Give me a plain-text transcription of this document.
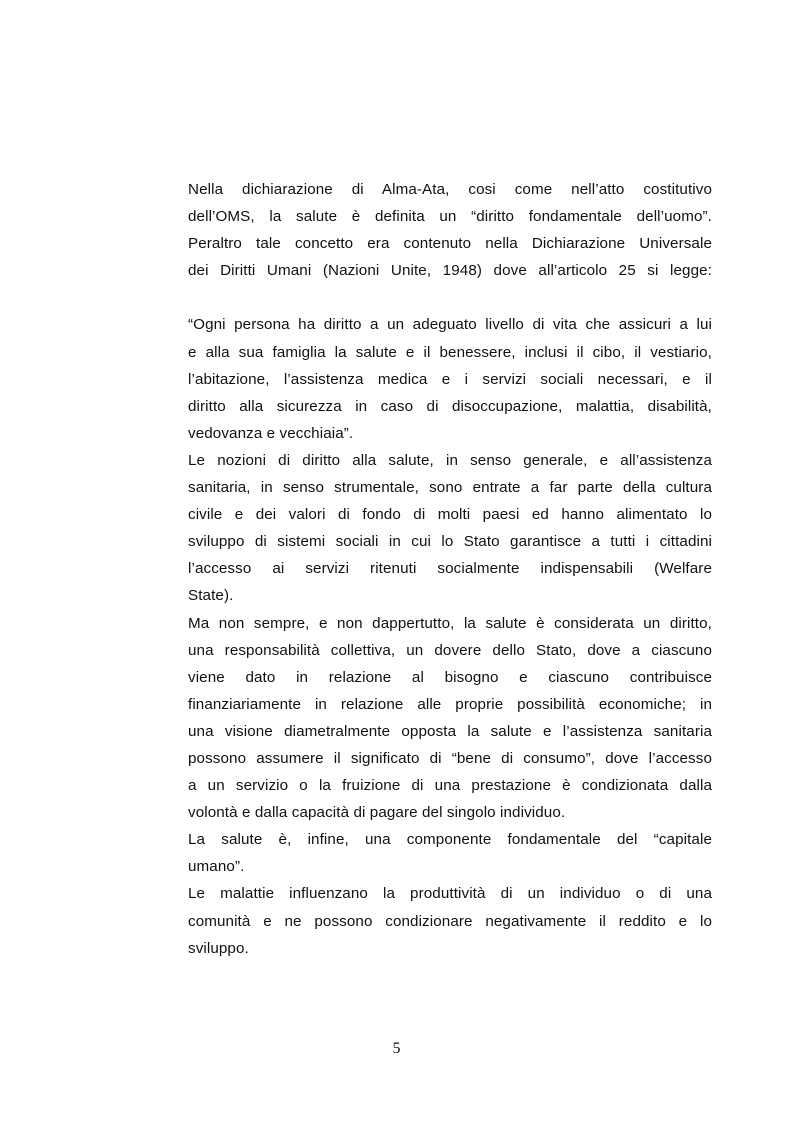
Nella dichiarazione di Alma-Ata, cosi come nell’atto costitutivo
dell’OMS, la salute è definita un “diritto fondamentale dell’uomo”.
Peraltro tale concetto era contenuto nella Dichiarazione Universale
dei Diritti Umani (Nazioni Unite, 1948) dove all’articolo 25 si legge:
“Ogni persona ha diritto a un adeguato livello di vita che assicuri a lui
e alla sua famiglia la salute e il benessere, inclusi il cibo, il vestiario,
l’abitazione, l’assistenza medica e i servizi sociali necessari, e il
diritto alla sicurezza in caso di disoccupazione, malattia, disabilità,
vedovanza e vecchiaia”.
Le nozioni di diritto alla salute, in senso generale, e all’assistenza
sanitaria, in senso strumentale, sono entrate a far parte della cultura
civile e dei valori di fondo di molti paesi ed hanno alimentato lo
sviluppo di sistemi sociali in cui lo Stato garantisce a tutti i cittadini
l’accesso ai servizi ritenuti socialmente indispensabili (Welfare
State).
Ma non sempre, e non dappertutto, la salute è considerata un diritto,
una responsabilità collettiva, un dovere dello Stato, dove a ciascuno
viene dato in relazione al bisogno e ciascuno contribuisce
finanziariamente in relazione alle proprie possibilità economiche; in
una visione diametralmente opposta la salute e l’assistenza sanitaria
possono assumere il significato di “bene di consumo”, dove l’accesso
a un servizio o la fruizione di una prestazione è condizionata dalla
volontà e dalla capacità di pagare del singolo individuo.
La salute è, infine, una componente fondamentale del “capitale
umano”.
Le malattie influenzano la produttività di un individuo o di una
comunità e ne possono condizionare negativamente il reddito e lo
sviluppo.
5
